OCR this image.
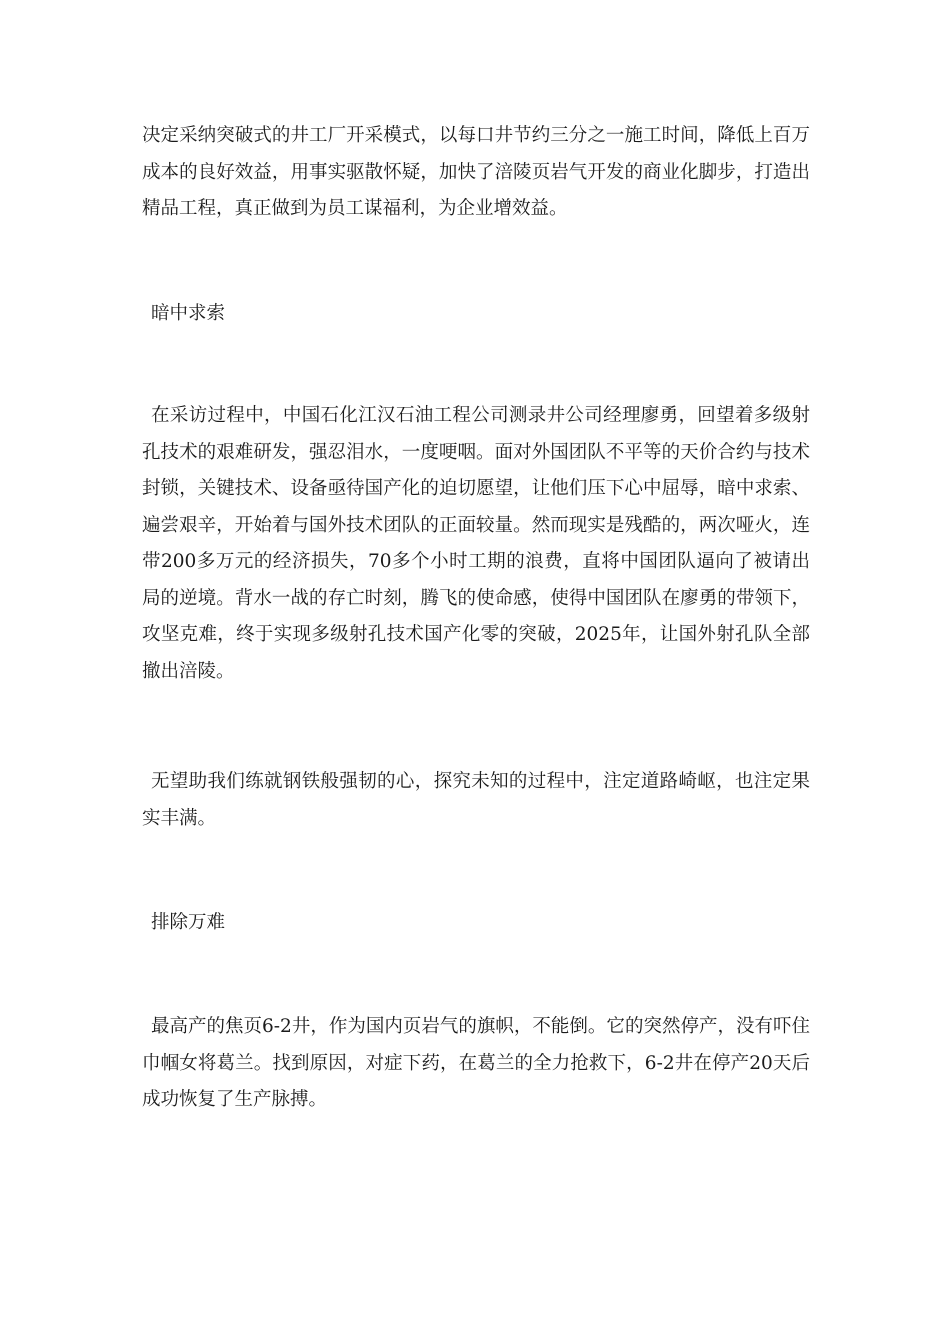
决定采纳突破式的井工厂开采模式，以每口井节约三分之一施工时间，降低上百万成本的良好效益，用事实驱散怀疑，加快了涪陵页岩气开发的商业化脚步，打造出精品工程，真正做到为员工谋福利，为企业增效益。

暗中求索

在采访过程中，中国石化江汉石油工程公司测录井公司经理廖勇，回望着多级射孔技术的艰难研发，强忍泪水，一度哽咽。面对外国团队不平等的天价合约与技术封锁，关键技术、设备亟待国产化的迫切愿望，让他们压下心中屈辱，暗中求索、遍尝艰辛，开始着与国外技术团队的正面较量。然而现实是残酷的，两次哑火，连带200多万元的经济损失，70多个小时工期的浪费，直将中国团队逼向了被请出局的逆境。背水一战的存亡时刻，腾飞的使命感，使得中国团队在廖勇的带领下，攻坚克难，终于实现多级射孔技术国产化零的突破，2025年，让国外射孔队全部撤出涪陵。

无望助我们练就钢铁般强韧的心，探究未知的过程中，注定道路崎岖，也注定果实丰满。

排除万难

最高产的焦页6-2井，作为国内页岩气的旗帜，不能倒。它的突然停产，没有吓住巾帼女将葛兰。找到原因，对症下药，在葛兰的全力抢救下，6-2井在停产20天后成功恢复了生产脉搏。
